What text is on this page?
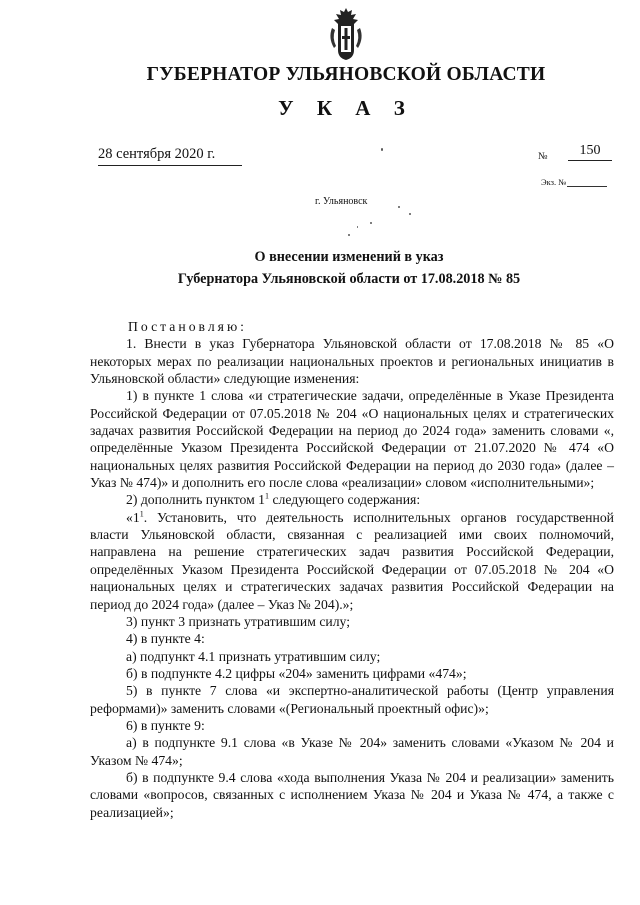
ГУБЕРНАТОР УЛЬЯНОВСКОЙ ОБЛАСТИ
У К А З
28 сентября 2020 г.	№	150
Экз. №
г. Ульяновск
О внесении изменений в указ
Губернатора Ульяновской области от 17.08.2018 № 85

Постановляю:

1. Внести в указ Губернатора Ульяновской области от 17.08.2018 № 85 «О некоторых мерах по реализации национальных проектов и региональных инициатив в Ульяновской области» следующие изменения:

1) в пункте 1 слова «и стратегические задачи, определённые в Указе Президента Российской Федерации от 07.05.2018 № 204 «О национальных целях и стратегических задачах развития Российской Федерации на период до 2024 года» заменить словами «, определённые Указом Президента Российской Федерации от 21.07.2020 № 474 «О национальных целях развития Российской Федерации на период до 2030 года» (далее – Указ № 474)» и дополнить его после слова «реализации» словом «исполнительными»;

2) дополнить пунктом $1^1$ следующего содержания:

«$1^1$. Установить, что деятельность исполнительных органов государственной власти Ульяновской области, связанная с реализацией ими своих полномочий, направлена на решение стратегических задач развития Российской Федерации, определённых Указом Президента Российской Федерации от 07.05.2018 № 204 «О национальных целях и стратегических задачах развития Российской Федерации на период до 2024 года» (далее – Указ № 204).»;

3) пункт 3 признать утратившим силу;

4) в пункте 4:

а) подпункт 4.1 признать утратившим силу;

б) в подпункте 4.2 цифры «204» заменить цифрами «474»;

5) в пункте 7 слова «и экспертно-аналитической работы (Центр управления реформами)» заменить словами «(Региональный проектный офис)»;

6) в пункте 9:

а) в подпункте 9.1 слова «в Указе № 204» заменить словами «Указом № 204 и Указом № 474»;

б) в подпункте 9.4 слова «хода выполнения Указа № 204 и реализации» заменить словами «вопросов, связанных с исполнением Указа № 204 и Указа № 474, а также с реализацией»;
